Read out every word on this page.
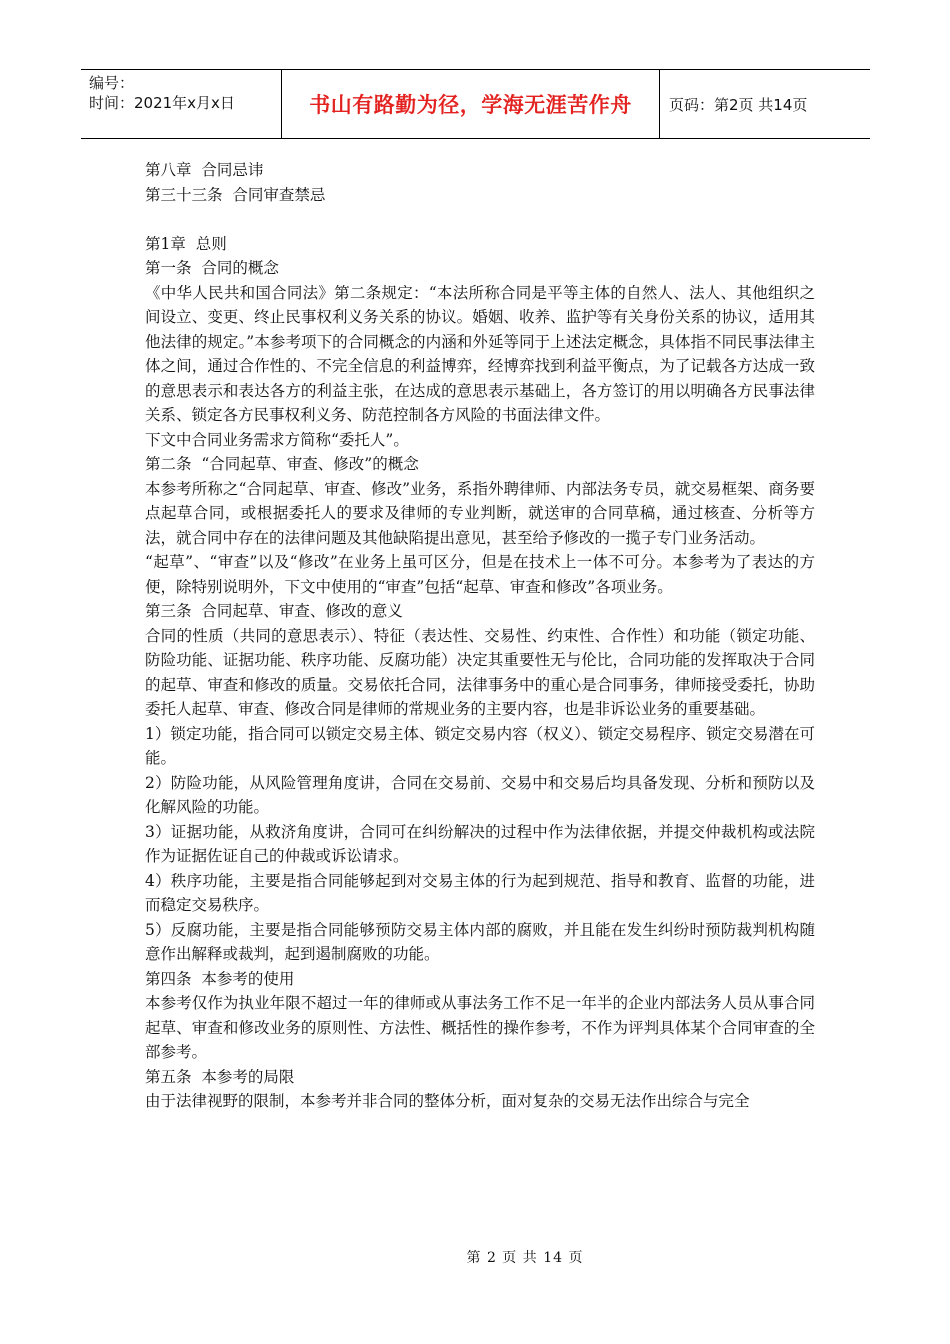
编号：
时间：2021年x月x日	书山有路勤为径，学海无涯苦作舟 页码：第2页 共14页
第八章  合同忌讳
第三十三条  合同审查禁忌
第1章  总则
第一条  合同的概念
《中华人民共和国合同法》第二条规定：“本法所称合同是平等主体的自然人、法人、其他组织之间设立、变更、终止民事权利义务关系的协议。婚姻、收养、监护等有关身份关系的协议，适用其他法律的规定。”本参考项下的合同概念的内涵和外延等同于上述法定概念，具体指不同民事法律主体之间，通过合作性的、不完全信息的利益博弈，经博弈找到利益平衡点，为了记载各方达成一致的意思表示和表达各方的利益主张，在达成的意思表示基础上，各方签订的用以明确各方民事法律关系、锁定各方民事权利义务、防范控制各方风险的书面法律文件。
下文中合同业务需求方简称“委托人”。
第二条  “合同起草、审查、修改”的概念
本参考所称之“合同起草、审查、修改”业务，系指外聘律师、内部法务专员，就交易框架、商务要点起草合同，或根据委托人的要求及律师的专业判断，就送审的合同草稿，通过核查、分析等方法，就合同中存在的法律问题及其他缺陷提出意见，甚至给予修改的一揽子专门业务活动。
“起草”、“审查”以及“修改”在业务上虽可区分，但是在技术上一体不可分。本参考为了表达的方便，除特别说明外，下文中使用的“审查”包括“起草、审查和修改”各项业务。
第三条  合同起草、审查、修改的意义
合同的性质（共同的意思表示）、特征（表达性、交易性、约束性、合作性）和功能（锁定功能、防险功能、证据功能、秩序功能、反腐功能）决定其重要性无与伦比，合同功能的发挥取决于合同的起草、审查和修改的质量。交易依托合同，法律事务中的重心是合同事务，律师接受委托，协助委托人起草、审查、修改合同是律师的常规业务的主要内容，也是非诉讼业务的重要基础。
1）锁定功能，指合同可以锁定交易主体、锁定交易内容（权义）、锁定交易程序、锁定交易潜在可能。
2）防险功能，从风险管理角度讲，合同在交易前、交易中和交易后均具备发现、分析和预防以及化解风险的功能。
3）证据功能，从救济角度讲，合同可在纠纷解决的过程中作为法律依据，并提交仲裁机构或法院作为证据佐证自己的仲裁或诉讼请求。
4）秩序功能，主要是指合同能够起到对交易主体的行为起到规范、指导和教育、监督的功能，进而稳定交易秩序。
5）反腐功能，主要是指合同能够预防交易主体内部的腐败，并且能在发生纠纷时预防裁判机构随意作出解释或裁判，起到遏制腐败的功能。
第四条  本参考的使用
本参考仅作为执业年限不超过一年的律师或从事法务工作不足一年半的企业内部法务人员从事合同起草、审查和修改业务的原则性、方法性、概括性的操作参考，不作为评判具体某个合同审查的全部参考。
第五条  本参考的局限
由于法律视野的限制，本参考并非合同的整体分析，面对复杂的交易无法作出综合与完全
第 2 页 共 14 页
